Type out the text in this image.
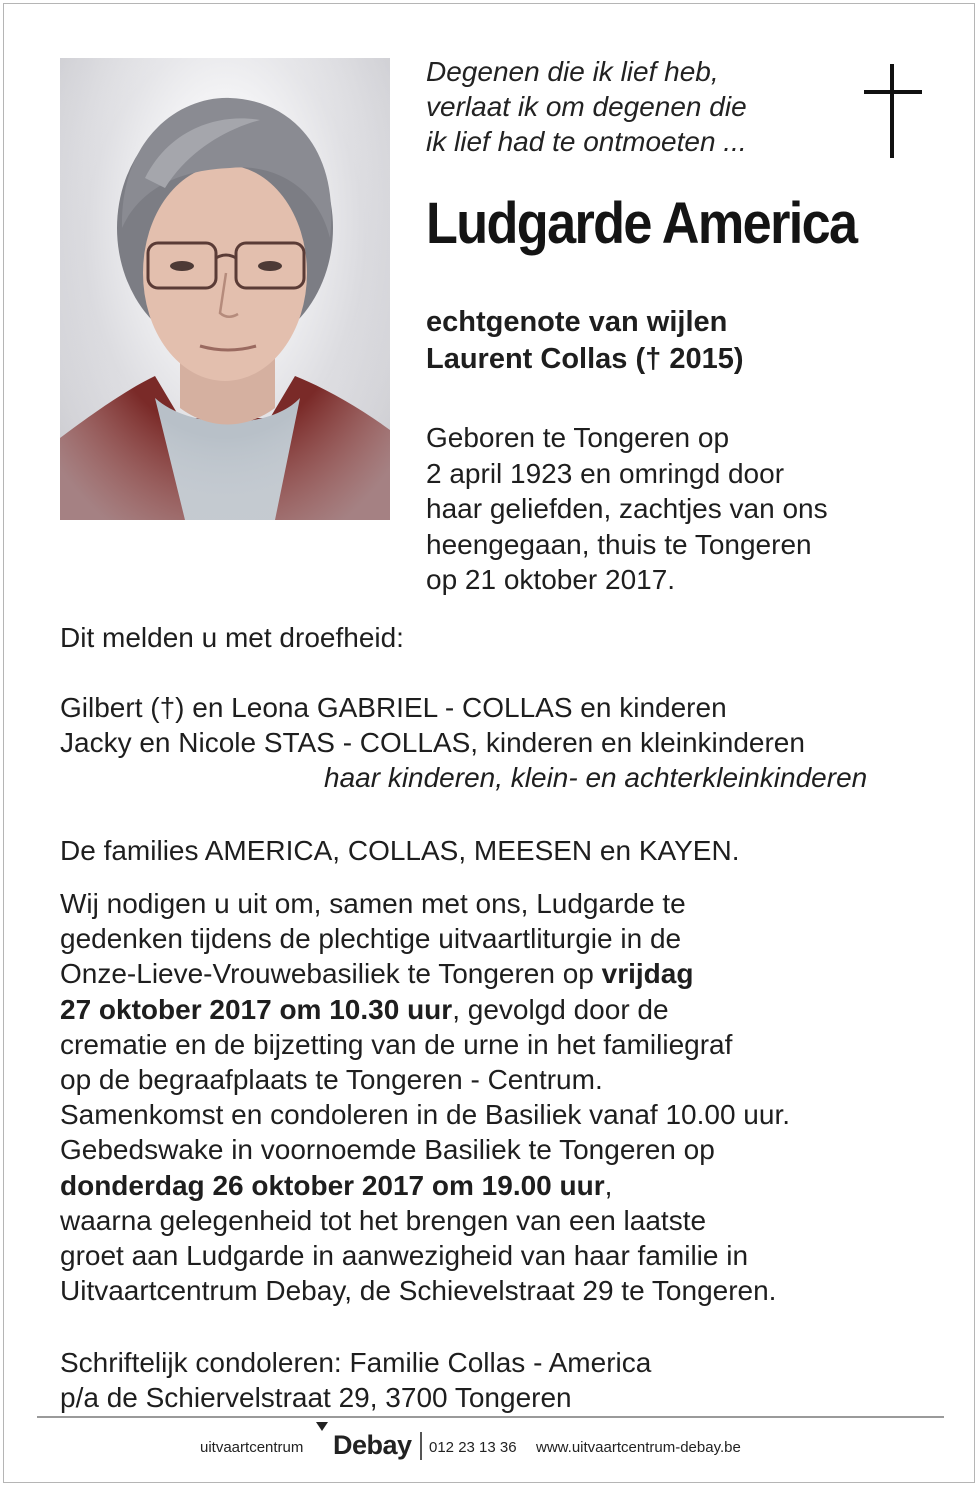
Degenen die ik lief heb,
verlaat ik om degenen die
ik lief had te ontmoeten ...
Ludgarde America
echtgenote van wijlen
Laurent Collas († 2015)
Geboren te Tongeren op
2 april 1923 en omringd door
haar geliefden, zachtjes van ons
heengegaan, thuis te Tongeren
op 21 oktober 2017.
Dit melden u met droefheid:
Gilbert (†) en Leona GABRIEL - COLLAS en kinderen
Jacky en Nicole STAS - COLLAS, kinderen en kleinkinderen
haar kinderen, klein- en achterkleinkinderen
De families AMERICA, COLLAS, MEESEN en KAYEN.
Wij nodigen u uit om, samen met ons, Ludgarde te
gedenken tijdens de plechtige uitvaartliturgie in de
Onze-Lieve-Vrouwebasiliek te Tongeren op vrijdag
27 oktober 2017 om 10.30 uur, gevolgd door de
crematie en de bijzetting van de urne in het familiegraf
op de begraafplaats te Tongeren - Centrum.
Samenkomst en condoleren in de Basiliek vanaf 10.00 uur.
Gebedswake in voornoemde Basiliek te Tongeren op
donderdag 26 oktober 2017 om 19.00 uur,
waarna gelegenheid tot het brengen van een laatste
groet aan Ludgarde in aanwezigheid van haar familie in
Uitvaartcentrum Debay, de Schievelstraat 29 te Tongeren.
Schriftelijk condoleren: Familie Collas - America
p/a de Schiervelstraat 29, 3700 Tongeren
uitvaartcentrum Debay 012 23 13 36 www.uitvaartcentrum-debay.be
